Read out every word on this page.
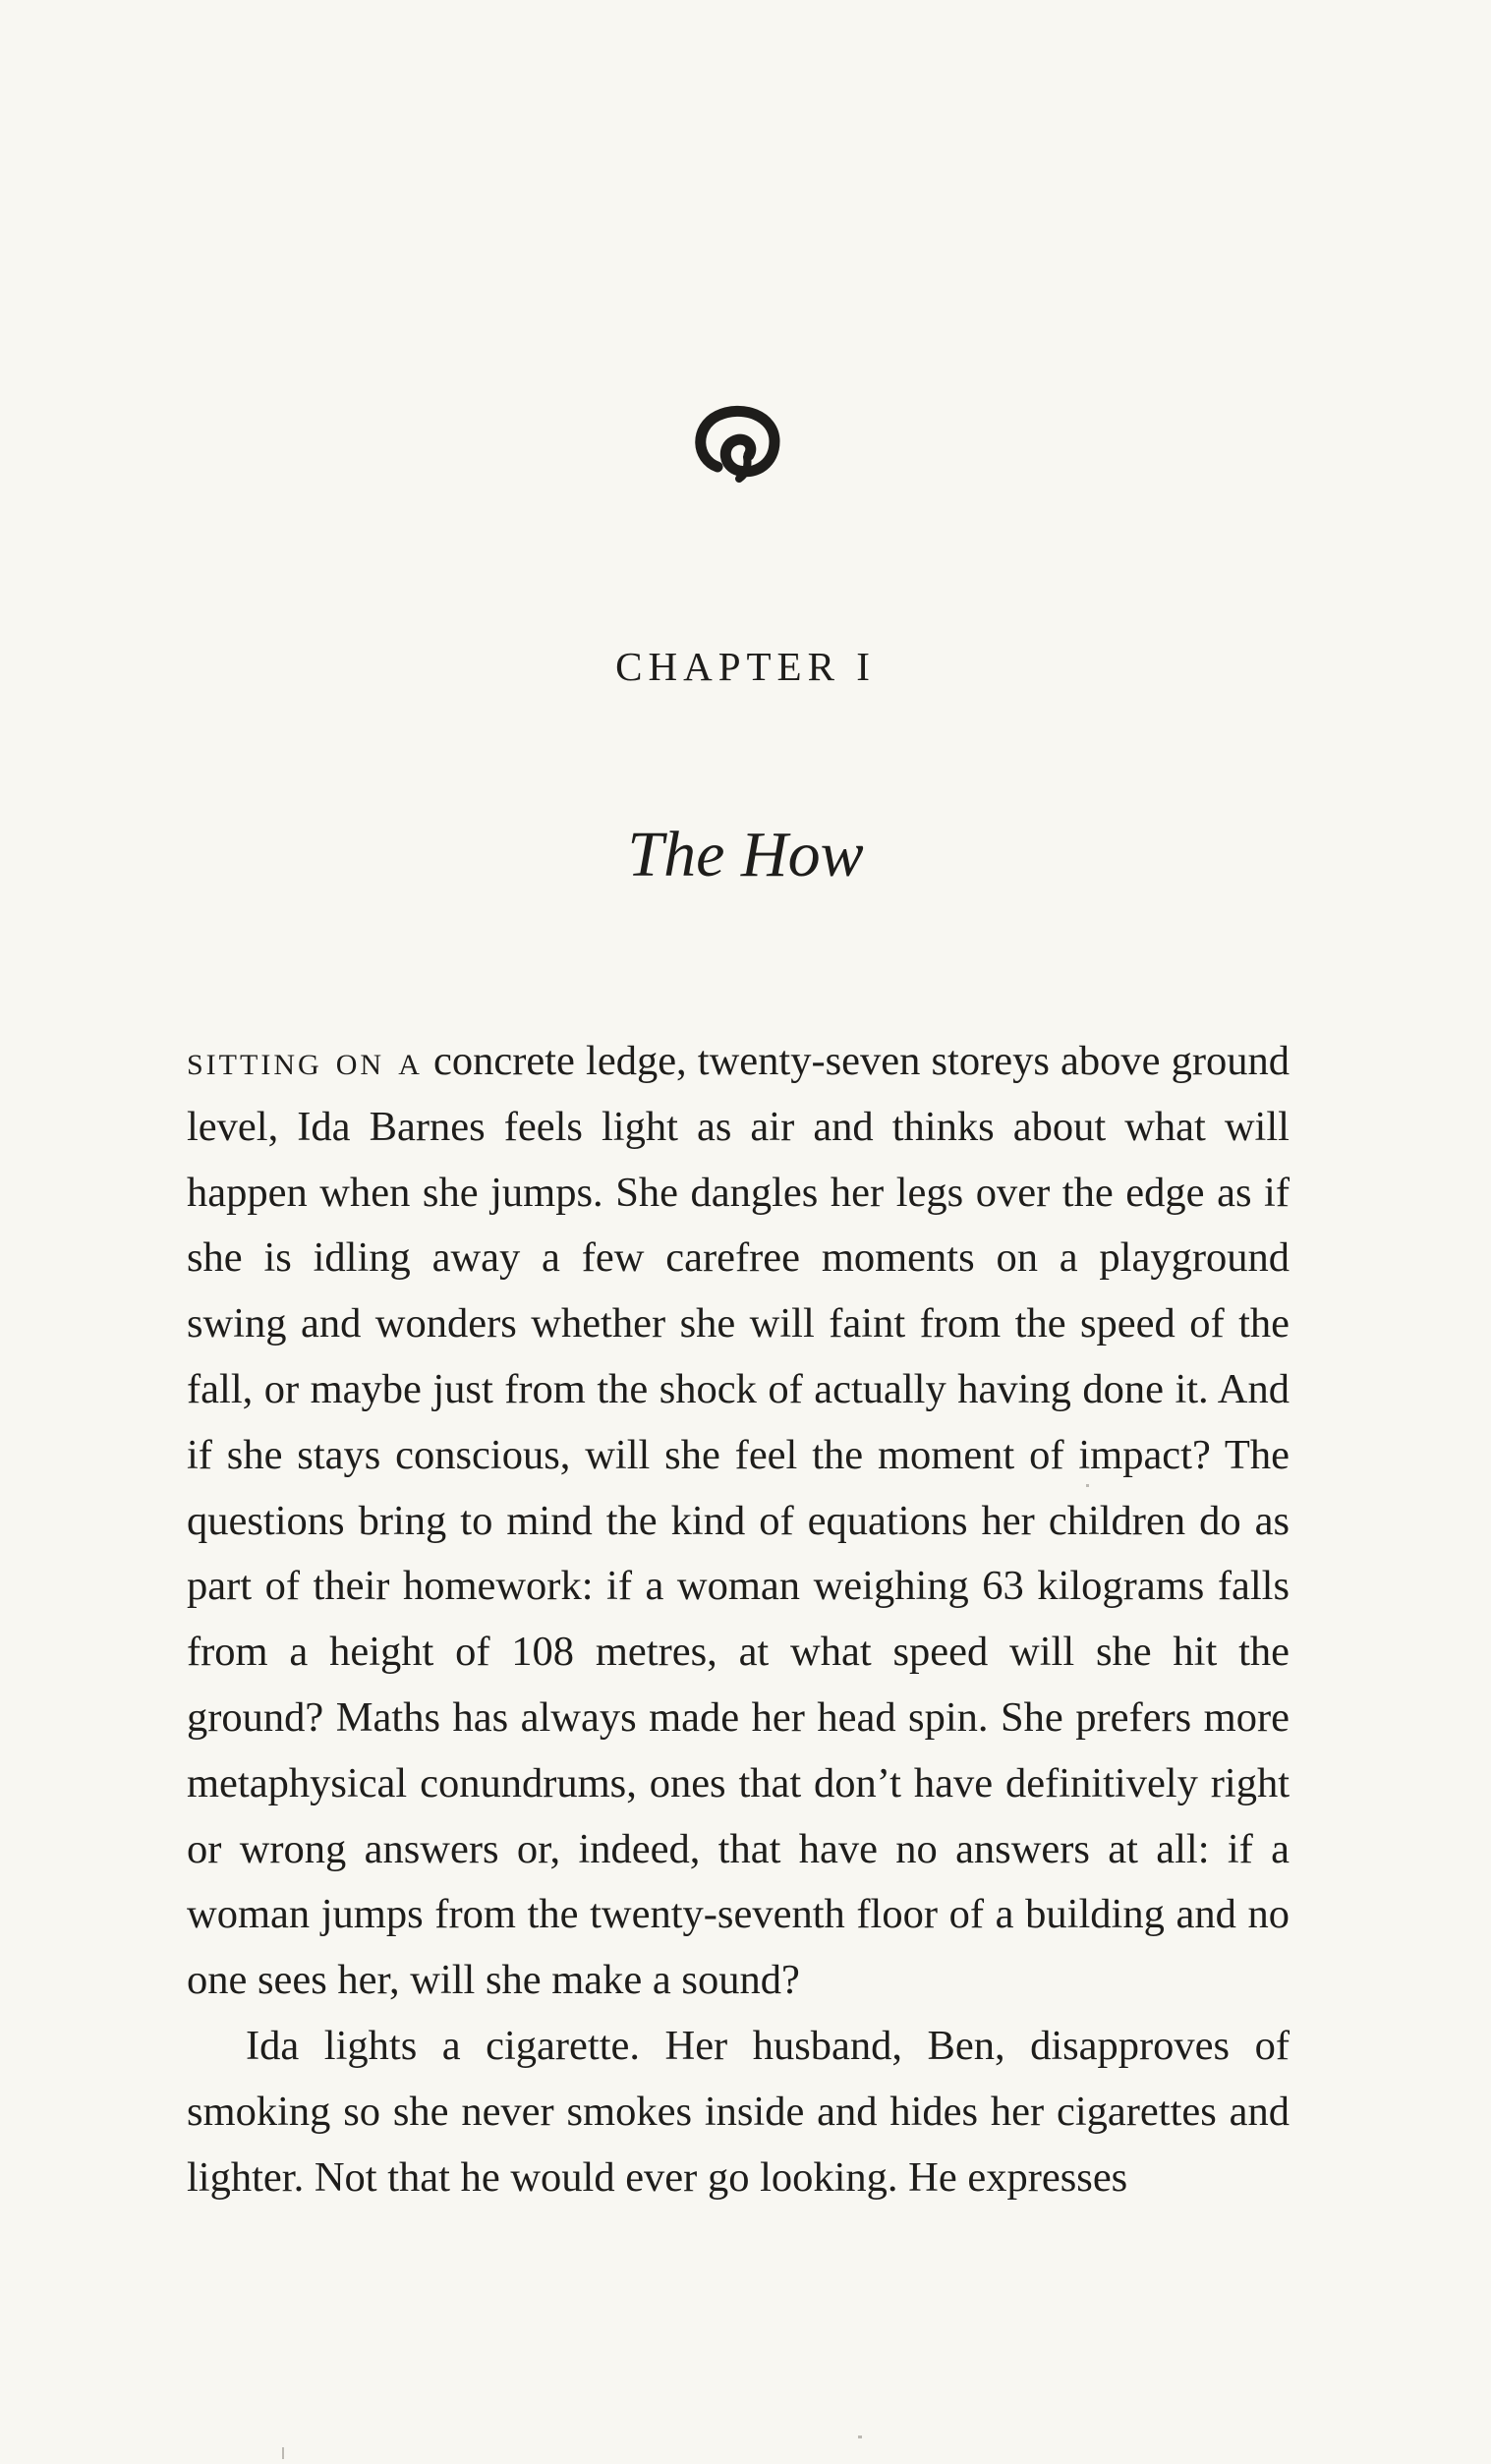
CHAPTER I
The How

sitting on a concrete ledge, twenty-seven storeys above ground level, Ida Barnes feels light as air and thinks about what will happen when she jumps. She dangles her legs over the edge as if she is idling away a few carefree moments on a playground swing and wonders whether she will faint from the speed of the fall, or maybe just from the shock of actually having done it. And if she stays conscious, will she feel the moment of impact? The questions bring to mind the kind of equations her children do as part of their homework: if a woman weighing 63 kilograms falls from a height of 108 metres, at what speed will she hit the ground? Maths has always made her head spin. She prefers more metaphysical conundrums, ones that don’t have definitively right or wrong answers or, indeed, that have no answers at all: if a woman jumps from the twenty-seventh floor of a building and no one sees her, will she make a sound?

Ida lights a cigarette. Her husband, Ben, disapproves of smoking so she never smokes inside and hides her cigarettes and lighter. Not that he would ever go looking. He expresses
